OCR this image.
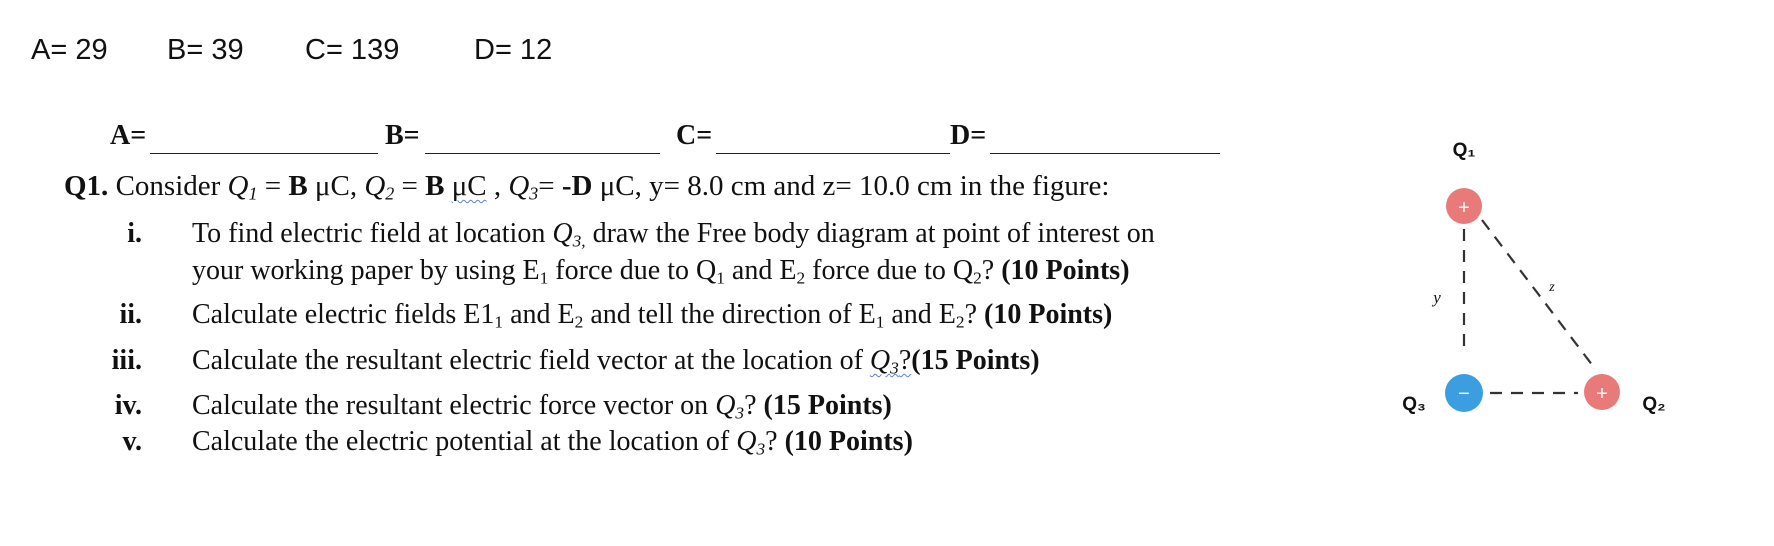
A= 29 B= 39 C= 139	D= 12
A=	B=	C=	D=
Q1. Consider $Q_1 = B$ μC, $Q_2 = B$ μC , $Q_3= -D$ μC, y= 8.0 cm and z= 10.0 cm in the figure:
i. To find electric field at location $Q_{3,}$ draw the Free body diagram at point of interest on
your working paper by using $E_1$ force due to $Q_1$ and $E_2$ force due to $Q_2$? (10 Points)
ii. Calculate electric fields $E1_1$ and $E_2$ and tell the direction of $E_1$ and $E_2$? (10 Points)
iii. Calculate the resultant electric field vector at the location of $Q_3?(15$ Points)
iv. Calculate the resultant electric force vector on $Q_3$? (15 Points)
v. Calculate the electric potential at the location of $Q_3$? (10 Points)
+
+
−
Q₁
Q₂
Q₃
y
z
